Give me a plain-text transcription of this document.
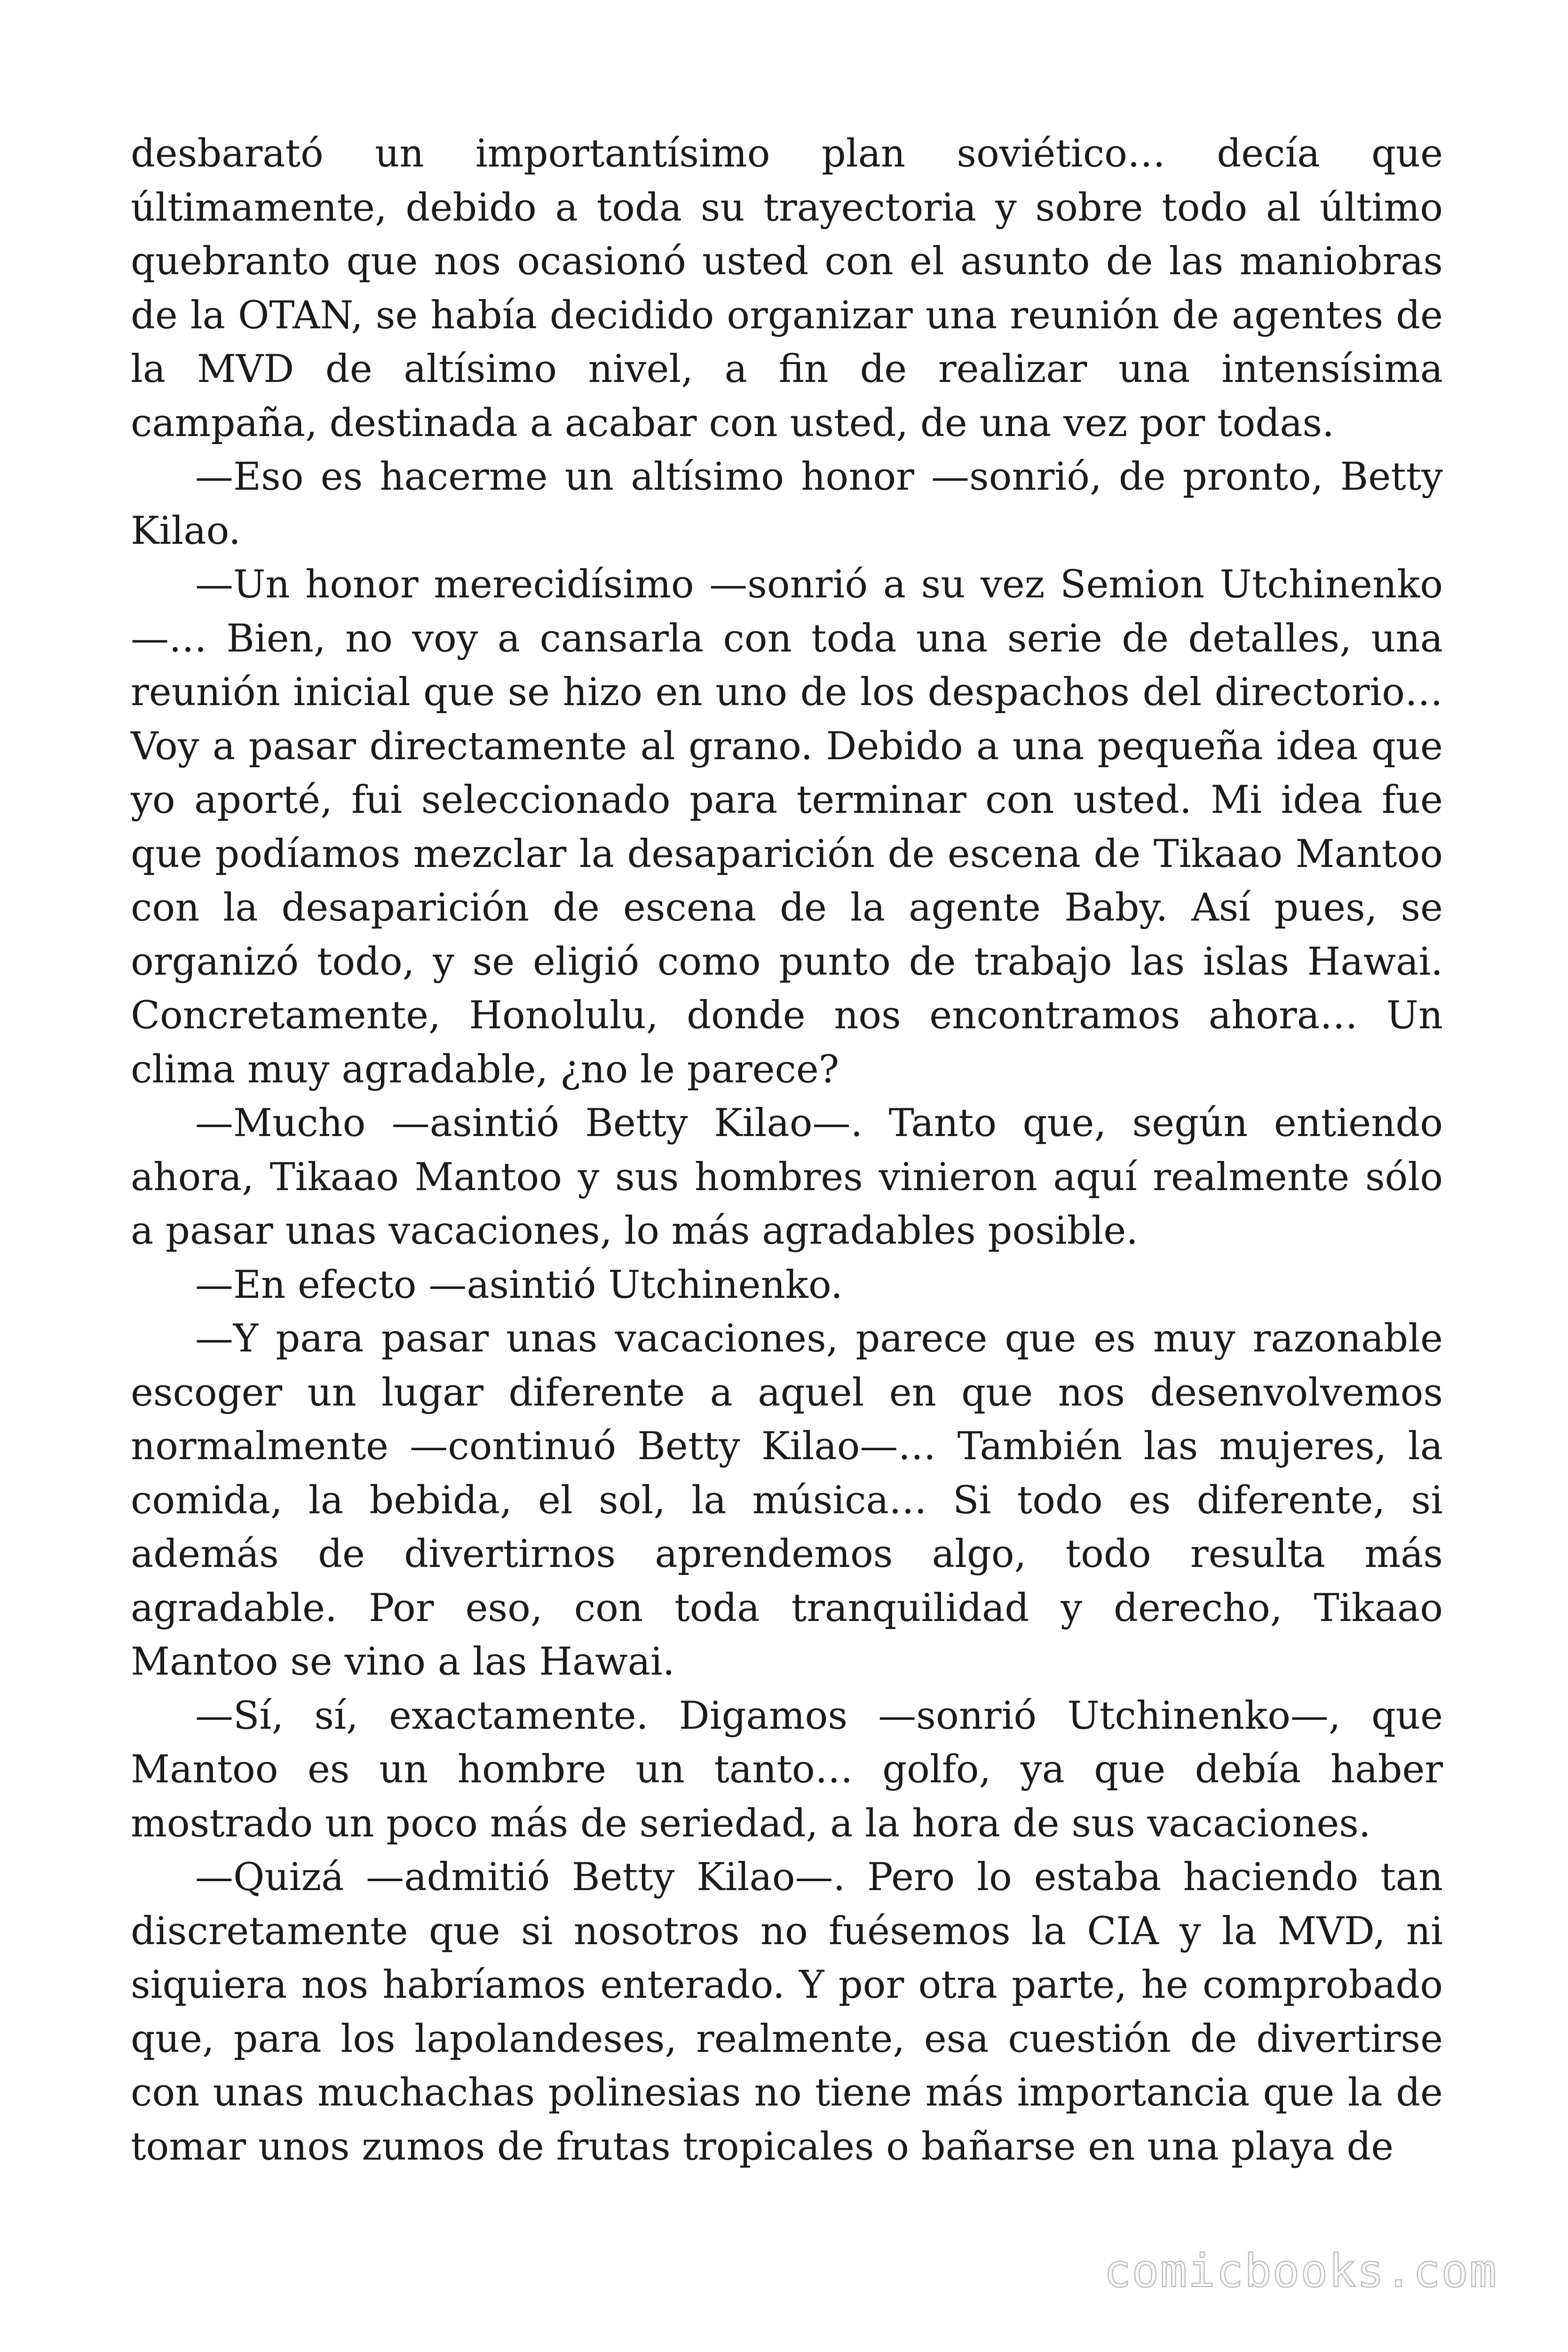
desbarató un importantísimo plan soviético… decía que últimamente, debido a toda su trayectoria y sobre todo al último quebranto que nos ocasionó usted con el asunto de las maniobras de la OTAN, se había decidido organizar una reunión de agentes de la MVD de altísimo nivel, a fin de realizar una intensísima campaña, destinada a acabar con usted, de una vez por todas.

—Eso es hacerme un altísimo honor —sonrió, de pronto, Betty Kilao.

—Un honor merecidísimo —sonrió a su vez Semion Utchinenko —… Bien, no voy a cansarla con toda una serie de detalles, una reunión inicial que se hizo en uno de los despachos del directorio… Voy a pasar directamente al grano. Debido a una pequeña idea que yo aporté, fui seleccionado para terminar con usted. Mi idea fue que podíamos mezclar la desaparición de escena de Tikaao Mantoo con la desaparición de escena de la agente Baby. Así pues, se organizó todo, y se eligió como punto de trabajo las islas Hawai. Concretamente, Honolulu, donde nos encontramos ahora… Un clima muy agradable, ¿no le parece?

—Mucho —asintió Betty Kilao—. Tanto que, según entiendo ahora, Tikaao Mantoo y sus hombres vinieron aquí realmente sólo a pasar unas vacaciones, lo más agradables posible.

—En efecto —asintió Utchinenko.

—Y para pasar unas vacaciones, parece que es muy razonable escoger un lugar diferente a aquel en que nos desenvolvemos normalmente —continuó Betty Kilao—… También las mujeres, la comida, la bebida, el sol, la música… Si todo es diferente, si además de divertirnos aprendemos algo, todo resulta más agradable. Por eso, con toda tranquilidad y derecho, Tikaao Mantoo se vino a las Hawai.

—Sí, sí, exactamente. Digamos —sonrió Utchinenko—, que Mantoo es un hombre un tanto… golfo, ya que debía haber mostrado un poco más de seriedad, a la hora de sus vacaciones.

—Quizá —admitió Betty Kilao—. Pero lo estaba haciendo tan discretamente que si nosotros no fuésemos la CIA y la MVD, ni siquiera nos habríamos enterado. Y por otra parte, he comprobado que, para los lapolandeses, realmente, esa cuestión de divertirse con unas muchachas polinesias no tiene más importancia que la de tomar unos zumos de frutas tropicales o bañarse en una playa de

comicbooks.com
